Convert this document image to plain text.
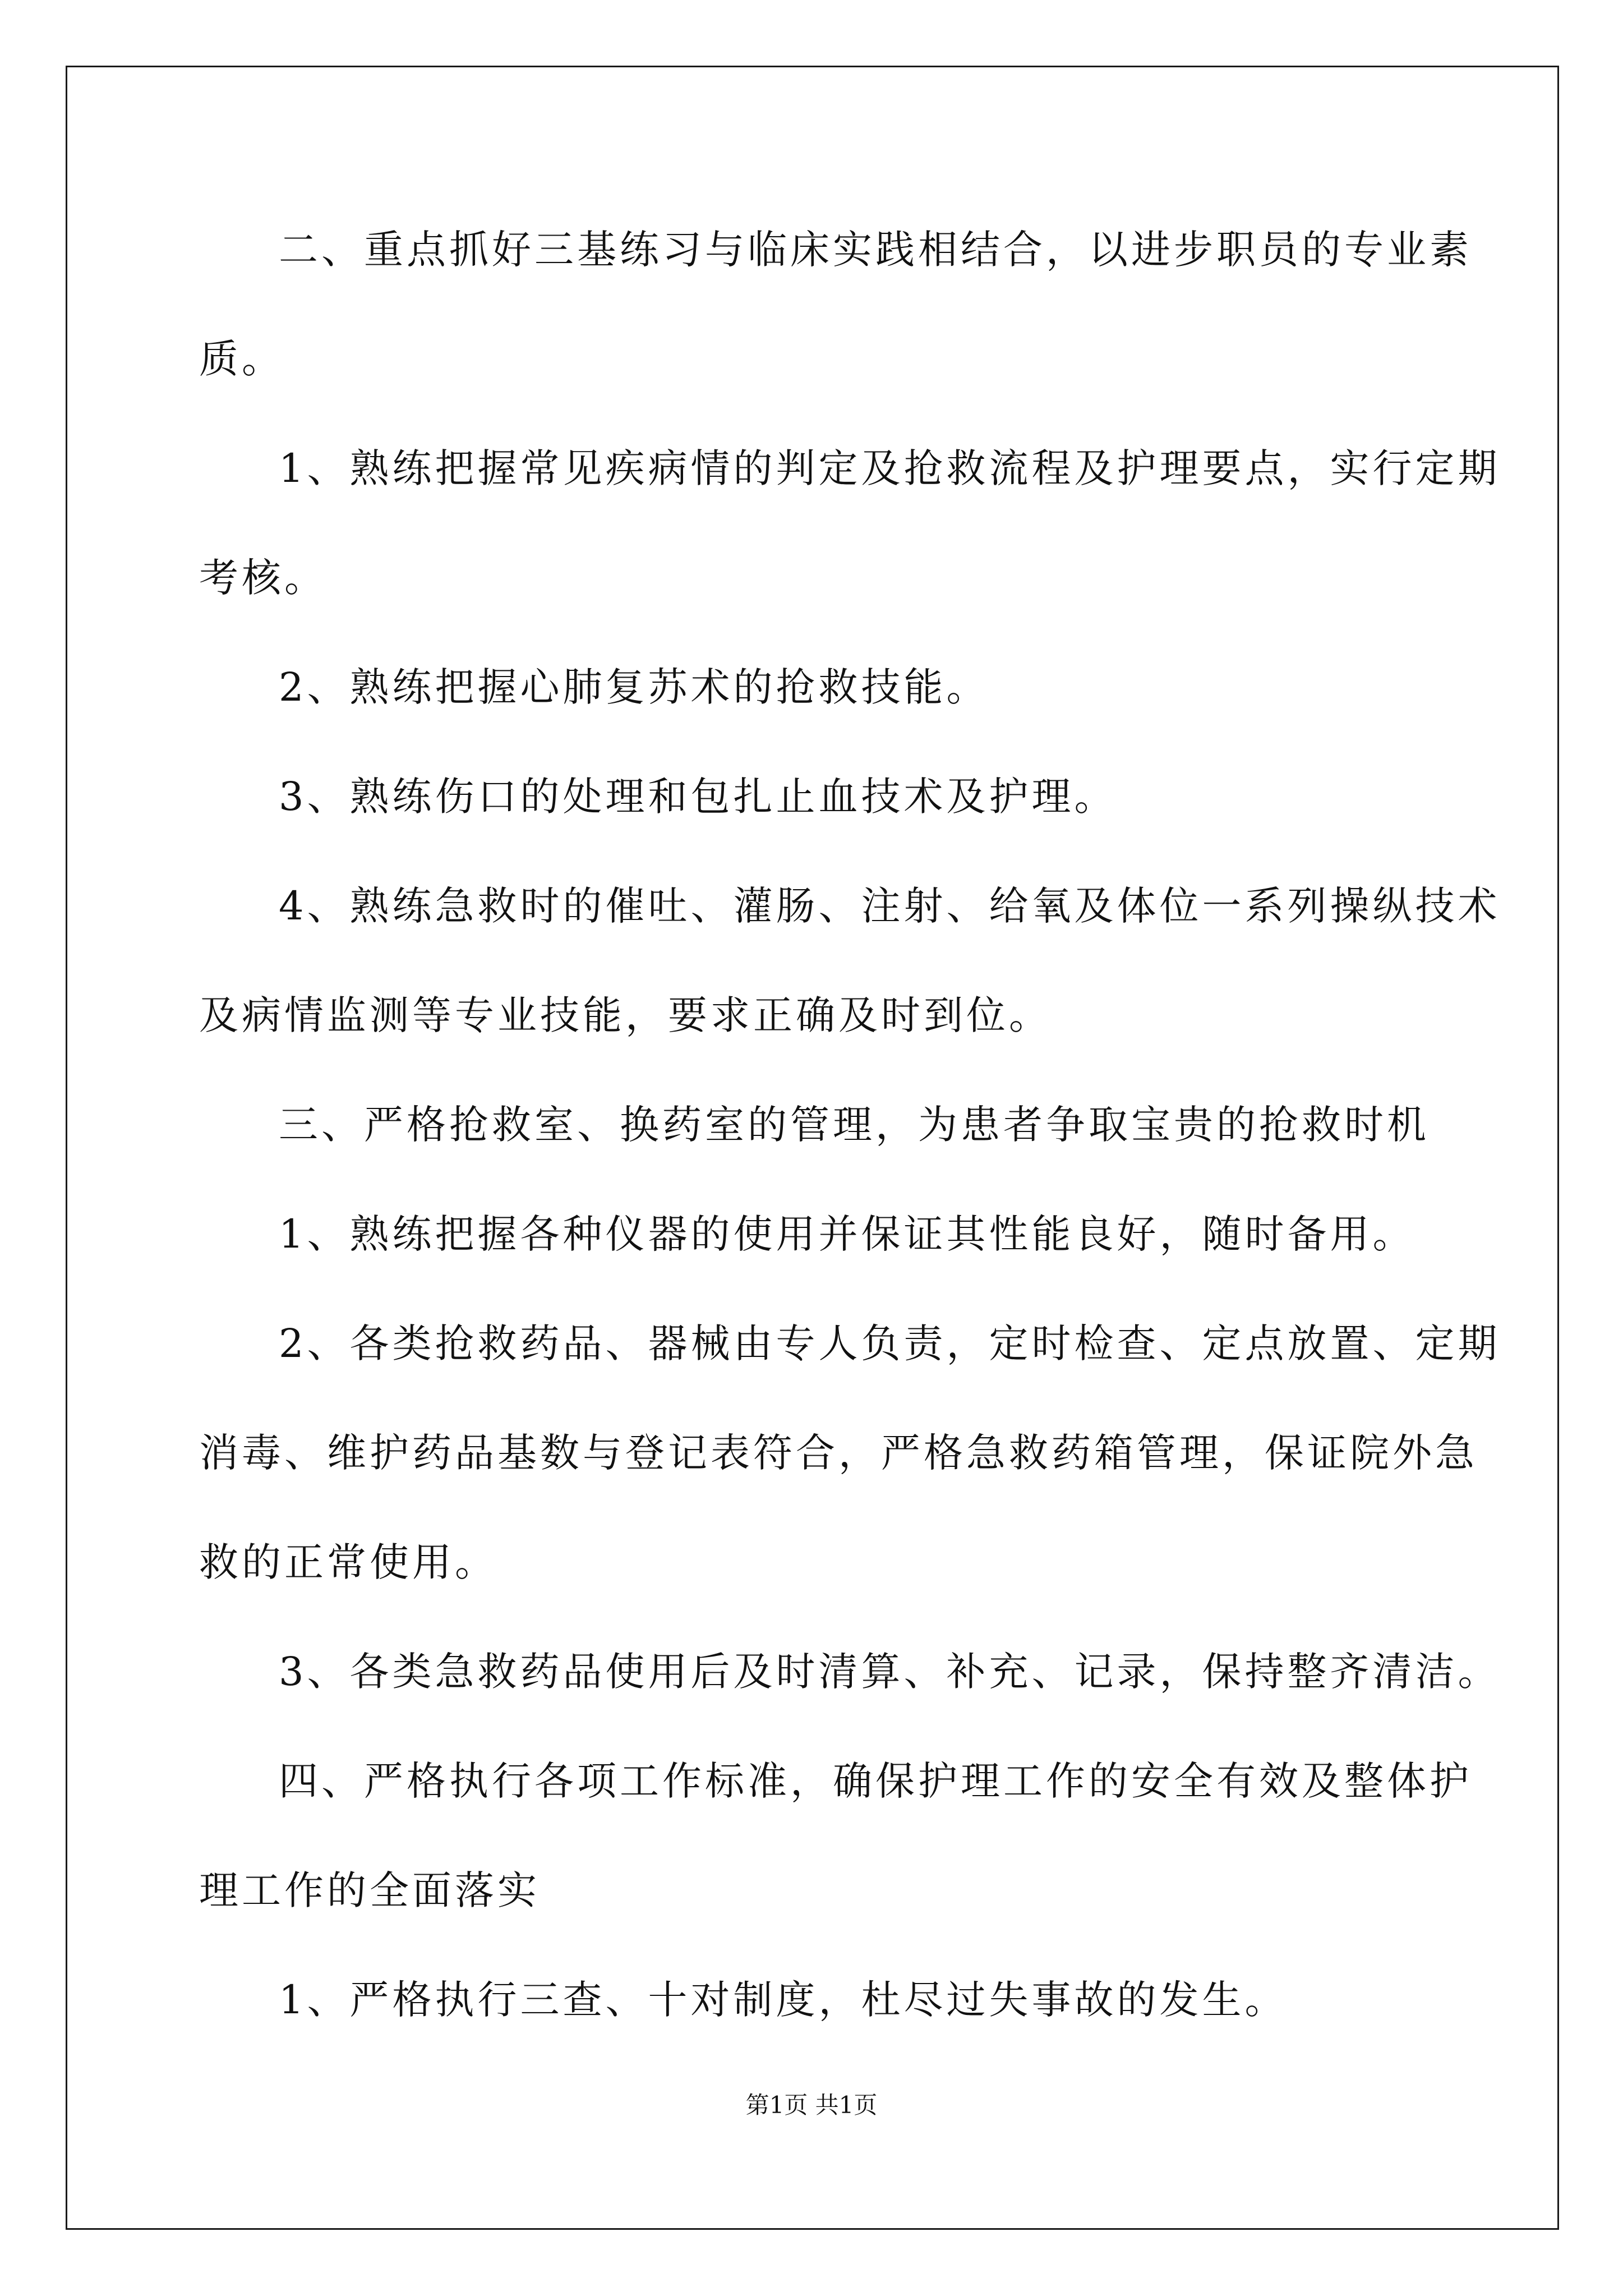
二、重点抓好三基练习与临床实践相结合，以进步职员的专业素
质。
1、熟练把握常见疾病情的判定及抢救流程及护理要点，实行定期
考核。
2、熟练把握心肺复苏术的抢救技能。
3、熟练伤口的处理和包扎止血技术及护理。
4、熟练急救时的催吐、灌肠、注射、给氧及体位一系列操纵技术
及病情监测等专业技能，要求正确及时到位。
三、严格抢救室、换药室的管理，为患者争取宝贵的抢救时机
1、熟练把握各种仪器的使用并保证其性能良好，随时备用。
2、各类抢救药品、器械由专人负责，定时检查、定点放置、定期
消毒、维护药品基数与登记表符合，严格急救药箱管理，保证院外急
救的正常使用。
3、各类急救药品使用后及时清算、补充、记录，保持整齐清洁。
四、严格执行各项工作标准，确保护理工作的安全有效及整体护
理工作的全面落实
1、严格执行三查、十对制度，杜尽过失事故的发生。
第1页 共1页
